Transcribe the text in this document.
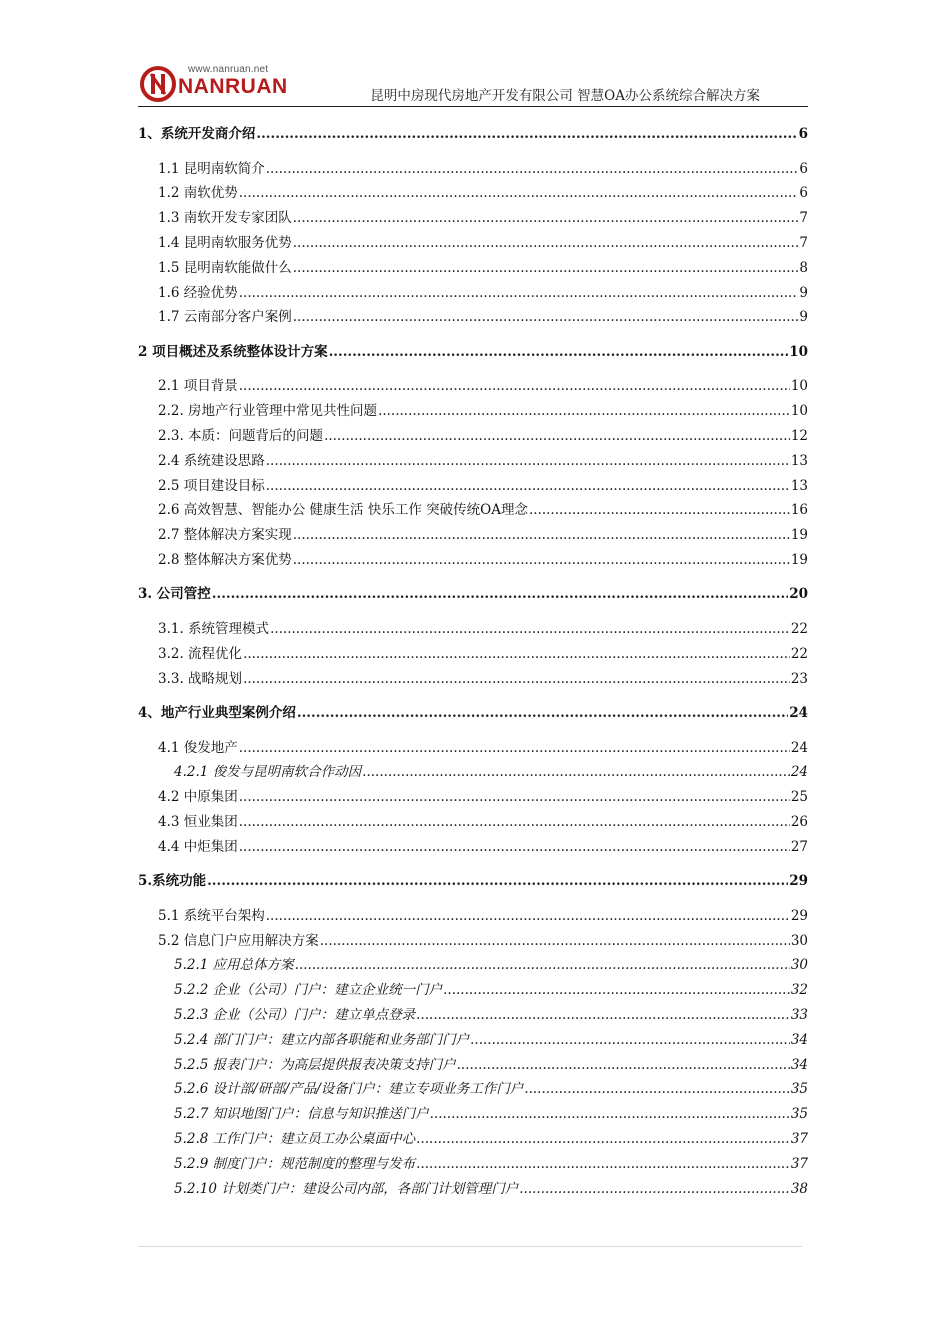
www.nanruan.net
NANRUAN	昆明中房现代房地产开发有限公司 智慧OA办公系统综合解决方案
1、系统开发商介绍 .....	6
1.1 昆明南软简介 .....	6
1.2 南软优势 .....	6
1.3 南软开发专家团队 .....	7
1.4 昆明南软服务优势 .....	7
1.5 昆明南软能做什么 .....	8
1.6 经验优势 .....	9
1.7 云南部分客户案例 .....	9
2 项目概述及系统整体设计方案 .....	10
2.1 项目背景 .....	10
2.2. 房地产行业管理中常见共性问题 .....	10
2.3. 本质：问题背后的问题 .....	12
2.4 系统建设思路 .....	13
2.5 项目建设目标 .....	13
2.6 高效智慧、智能办公 健康生活 快乐工作 突破传统OA理念 .....	16
2.7 整体解决方案实现 .....	19
2.8 整体解决方案优势 .....	19
3. 公司管控 .....	20
3.1. 系统管理模式 .....	22
3.2. 流程优化 .....	22
3.3. 战略规划 .....	23
4、地产行业典型案例介绍 .....	24
4.1 俊发地产 .....	24
4.2.1 俊发与昆明南软合作动因 .....	24
4.2 中原集团 .....	25
4.3 恒业集团 .....	26
4.4 中炬集团 .....	27
5.系统功能 .....	29
5.1 系统平台架构 .....	29
5.2 信息门户应用解决方案 .....	30
5.2.1 应用总体方案 .....	30
5.2.2 企业（公司）门户：建立企业统一门户 .....	32
5.2.3 企业（公司）门户：建立单点登录 .....	33
5.2.4 部门门户：建立内部各职能和业务部门门户 .....	34
5.2.5 报表门户：为高层提供报表决策支持门户 .....	34
5.2.6 设计部/研部/产品/设备门户：建立专项业务工作门户 .....	35
5.2.7 知识地图门户：信息与知识推送门户 .....	35
5.2.8 工作门户：建立员工办公桌面中心 .....	37
5.2.9 制度门户：规范制度的整理与发布 .....	37
5.2.10 计划类门户：建设公司内部，各部门计划管理门户 .....	38
